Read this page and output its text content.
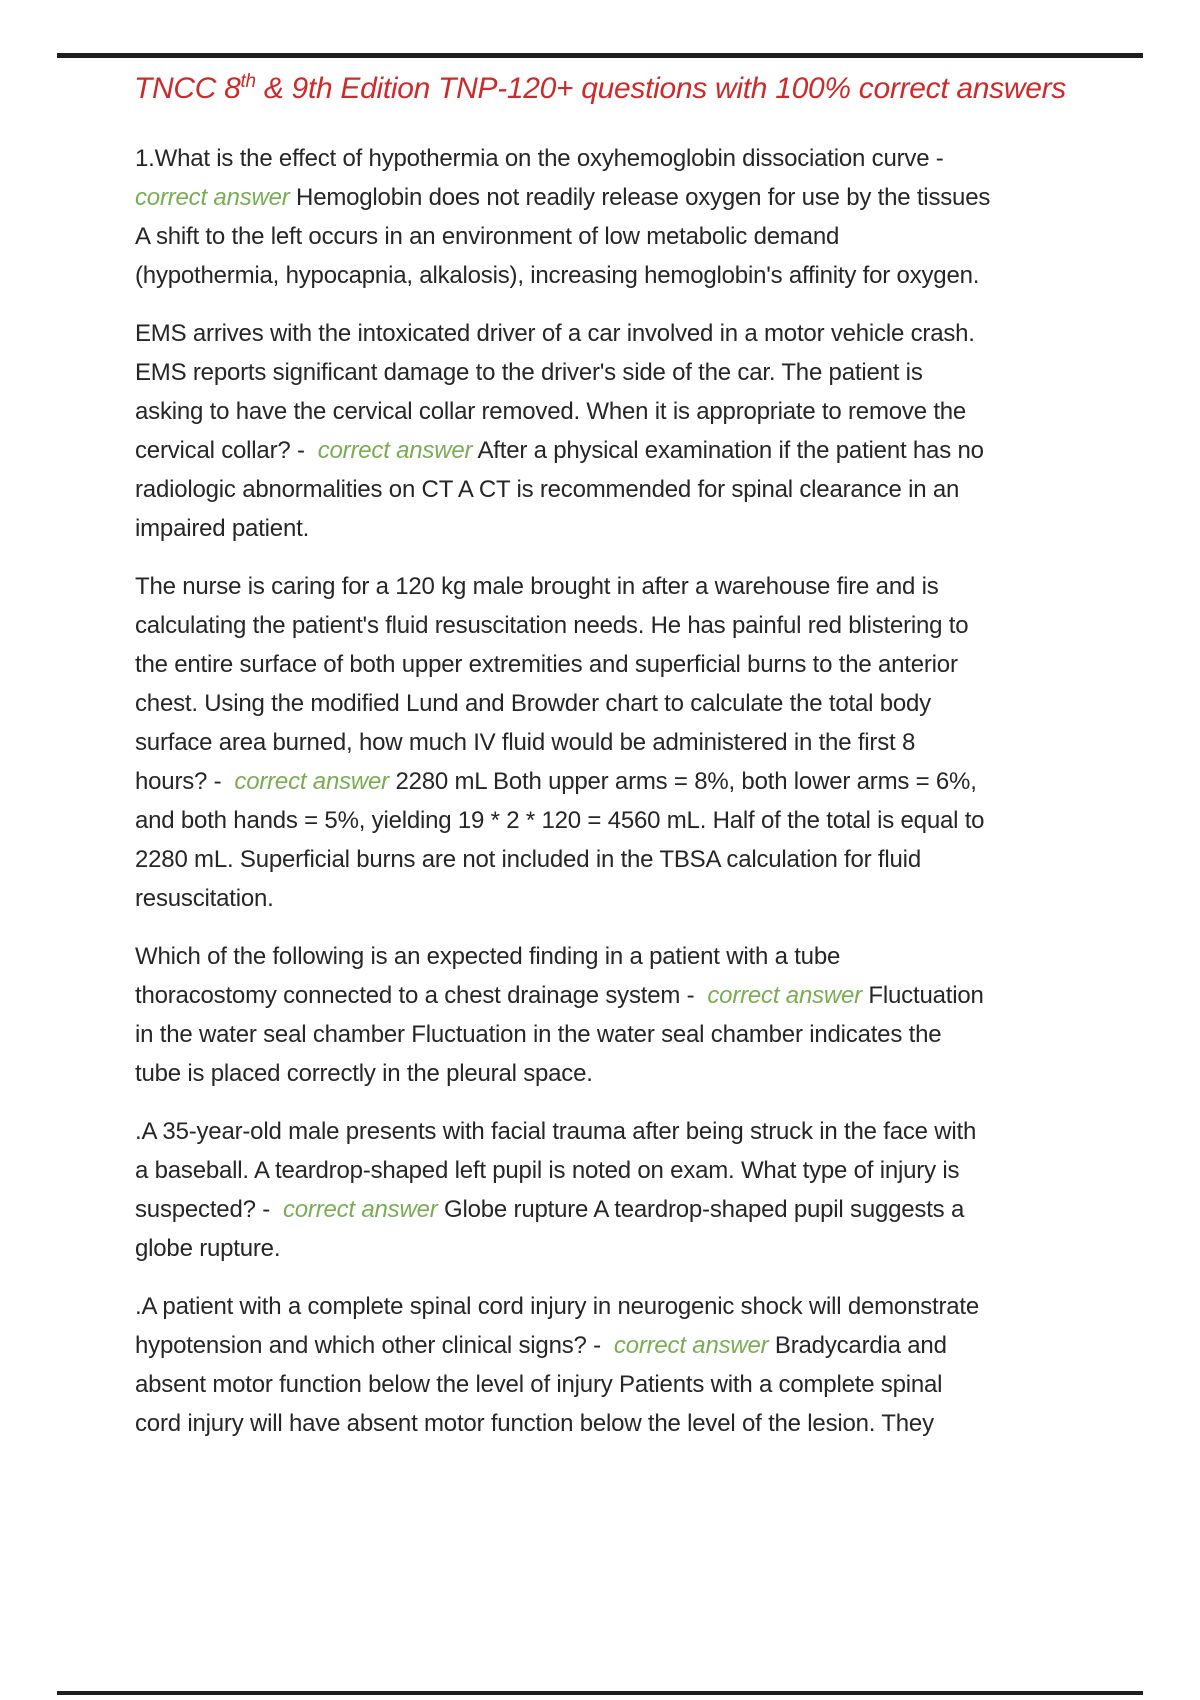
TNCC 8th & 9th Edition TNP-120+ questions with 100% correct answers
1.What is the effect of hypothermia on the oxyhemoglobin dissociation curve -
correct answer Hemoglobin does not readily release oxygen for use by the tissues
A shift to the left occurs in an environment of low metabolic demand
(hypothermia, hypocapnia, alkalosis), increasing hemoglobin's affinity for oxygen.
EMS arrives with the intoxicated driver of a car involved in a motor vehicle crash.
EMS reports significant damage to the driver's side of the car. The patient is
asking to have the cervical collar removed. When it is appropriate to remove the
cervical collar? -  correct answer After a physical examination if the patient has no
radiologic abnormalities on CT A CT is recommended for spinal clearance in an
impaired patient.
The nurse is caring for a 120 kg male brought in after a warehouse fire and is
calculating the patient's fluid resuscitation needs. He has painful red blistering to
the entire surface of both upper extremities and superficial burns to the anterior
chest. Using the modified Lund and Browder chart to calculate the total body
surface area burned, how much IV fluid would be administered in the first 8
hours? -  correct answer 2280 mL Both upper arms = 8%, both lower arms = 6%,
and both hands = 5%, yielding 19 * 2 * 120 = 4560 mL. Half of the total is equal to
2280 mL. Superficial burns are not included in the TBSA calculation for fluid
resuscitation.
Which of the following is an expected finding in a patient with a tube
thoracostomy connected to a chest drainage system -  correct answer Fluctuation
in the water seal chamber Fluctuation in the water seal chamber indicates the
tube is placed correctly in the pleural space.
.A 35-year-old male presents with facial trauma after being struck in the face with
a baseball. A teardrop-shaped left pupil is noted on exam. What type of injury is
suspected? -  correct answer Globe rupture A teardrop-shaped pupil suggests a
globe rupture.
.A patient with a complete spinal cord injury in neurogenic shock will demonstrate
hypotension and which other clinical signs? -  correct answer Bradycardia and
absent motor function below the level of injury Patients with a complete spinal
cord injury will have absent motor function below the level of the lesion. They
